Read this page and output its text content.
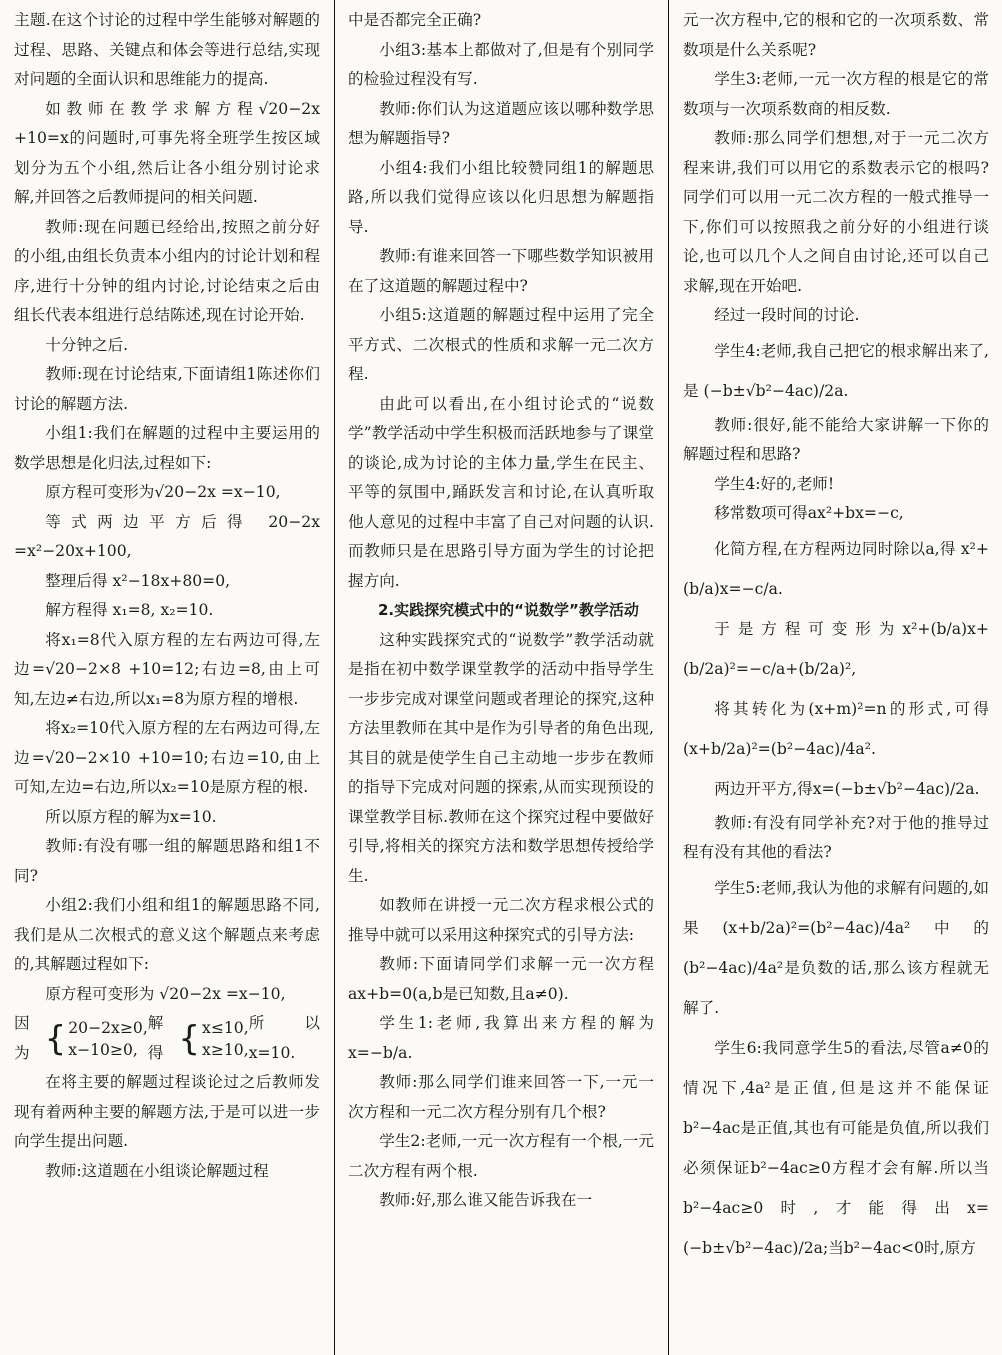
主题.在这个讨论的过程中学生能够对解题的过程、思路、关键点和体会等进行总结,实现对问题的全面认识和思维能力的提高.

如教师在教学求解方程√20−2x +10=x的问题时,可事先将全班学生按区域划分为五个小组,然后让各小组分别讨论求解,并回答之后教师提问的相关问题.

教师:现在问题已经给出,按照之前分好的小组,由组长负责本小组内的讨论计划和程序,进行十分钟的组内讨论,讨论结束之后由组长代表本组进行总结陈述,现在讨论开始.

十分钟之后.

教师:现在讨论结束,下面请组1陈述你们讨论的解题方法.

小组1:我们在解题的过程中主要运用的数学思想是化归法,过程如下:

原方程可变形为√20−2x =x−10,

等式两边平方后得 20−2x =x²−20x+100,

整理后得 x²−18x+80=0,

解方程得 x₁=8, x₂=10.

将x₁=8代入原方程的左右两边可得,左边=√20−2×8 +10=12;右边=8,由上可知,左边≠右边,所以x₁=8为原方程的增根.

将x₂=10代入原方程的左右两边可得,左边=√20−2×10 +10=10;右边=10,由上可知,左边=右边,所以x₂=10是原方程的根.

所以原方程的解为x=10.

教师:有没有哪一组的解题思路和组1不同?

小组2:我们小组和组1的解题思路不同,我们是从二次根式的意义这个解题点来考虑的,其解题过程如下:

原方程可变形为 √20−2x =x−10,

因为 { 20−2x≥0,
x−10≥0,
解得 { x≤10,
x≥10,
所以x=10.

在将主要的解题过程谈论过之后教师发现有着两种主要的解题方法,于是可以进一步向学生提出问题.

教师:这道题在小组谈论解题过程

中是否都完全正确?

小组3:基本上都做对了,但是有个别同学的检验过程没有写.

教师:你们认为这道题应该以哪种数学思想为解题指导?

小组4:我们小组比较赞同组1的解题思路,所以我们觉得应该以化归思想为解题指导.

教师:有谁来回答一下哪些数学知识被用在了这道题的解题过程中?

小组5:这道题的解题过程中运用了完全平方式、二次根式的性质和求解一元二次方程.

由此可以看出,在小组讨论式的“说数学”教学活动中学生积极而活跃地参与了课堂的谈论,成为讨论的主体力量,学生在民主、平等的氛围中,踊跃发言和讨论,在认真听取他人意见的过程中丰富了自己对问题的认识.而教师只是在思路引导方面为学生的讨论把握方向.

2.实践探究模式中的“说数学”教学活动

这种实践探究式的“说数学”教学活动就是指在初中数学课堂教学的活动中指导学生一步步完成对课堂问题或者理论的探究,这种方法里教师在其中是作为引导者的角色出现,其目的就是使学生自己主动地一步步在教师的指导下完成对问题的探索,从而实现预设的课堂教学目标.教师在这个探究过程中要做好引导,将相关的探究方法和数学思想传授给学生.

如教师在讲授一元二次方程求根公式的推导中就可以采用这种探究式的引导方法:

教师:下面请同学们求解一元一次方程ax+b=0(a,b是已知数,且a≠0).

学生1:老师,我算出来方程的解为x=−b/a.

教师:那么同学们谁来回答一下,一元一次方程和一元二次方程分别有几个根?

学生2:老师,一元一次方程有一个根,一元二次方程有两个根.

教师:好,那么谁又能告诉我在一

元一次方程中,它的根和它的一次项系数、常数项是什么关系呢?

学生3:老师,一元一次方程的根是它的常数项与一次项系数商的相反数.

教师:那么同学们想想,对于一元二次方程来讲,我们可以用它的系数表示它的根吗?同学们可以用一元二次方程的一般式推导一下,你们可以按照我之前分好的小组进行谈论,也可以几个人之间自由讨论,还可以自己求解,现在开始吧.

经过一段时间的讨论.

学生4:老师,我自己把它的根求解出来了,是 (−b±√b²−4ac)/2a.

教师:很好,能不能给大家讲解一下你的解题过程和思路?

学生4:好的,老师!

移常数项可得ax²+bx=−c,

化简方程,在方程两边同时除以a,得 x²+(b/a)x=−c/a.

于是方程可变形为x²+(b/a)x+(b/2a)²=−c/a+(b/2a)²,

将其转化为(x+m)²=n的形式,可得(x+b/2a)²=(b²−4ac)/4a².

两边开平方,得x=(−b±√b²−4ac)/2a.

教师:有没有同学补充?对于他的推导过程有没有其他的看法?

学生5:老师,我认为他的求解有问题的,如果(x+b/2a)²=(b²−4ac)/4a²中的(b²−4ac)/4a²是负数的话,那么该方程就无解了.

学生6:我同意学生5的看法,尽管a≠0的情况下,4a²是正值,但是这并不能保证b²−4ac是正值,其也有可能是负值,所以我们必须保证b²−4ac≥0方程才会有解.所以当b²−4ac≥0时,才能得出x=(−b±√b²−4ac)/2a;当b²−4ac<0时,原方
